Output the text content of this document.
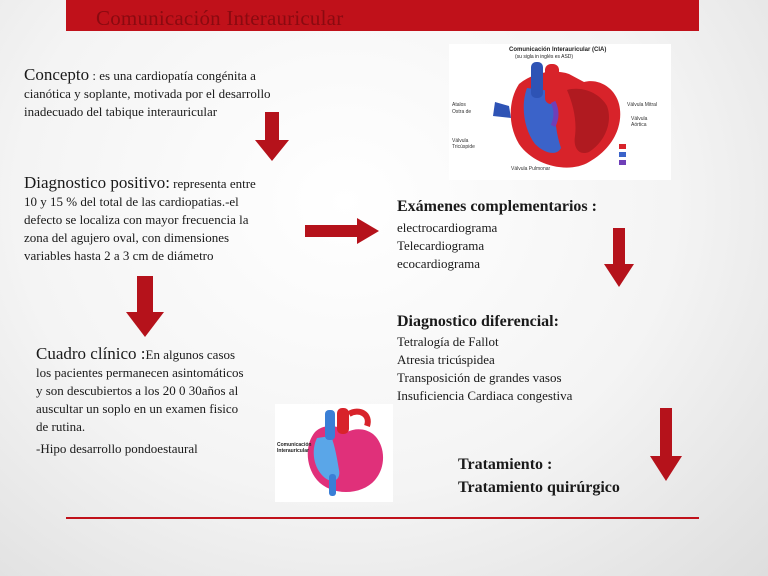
Comunicación Interauricular
Concepto : es una cardiopatía congénita a
cianótica y soplante, motivada por el desarrollo
inadecuado del tabique interauricular
Diagnostico positivo: representa entre
10 y 15 % del total de las cardiopatias.-el
defecto se localiza con mayor frecuencia la
zona del agujero oval, con dimensiones
variables hasta 2 a 3 cm de diámetro
Cuadro clínico :En algunos casos
los pacientes permanecen asintomáticos
y son descubiertos a los 20 0 30años al
auscultar un soplo en un examen fisico
de rutina.
-Hipo desarrollo pondoestaural
Exámenes complementarios :
electrocardiograma
Telecardiograma
ecocardiograma
Diagnostico diferencial:
Tetralogía de Fallot
Atresia tricúspidea
Transposición de grandes vasos
Insuficiencia Cardiaca congestiva
Tratamiento :
Tratamiento quirúrgico
Comunicación Interauricular (CIA)
(su sigla in inglés es ASD)
Atalos
Ostra de
Válvula Tricúspide
Válvula Pulmonar
Válvula Mitral
Válvula Aórtica
Comunicación
Interauricular
